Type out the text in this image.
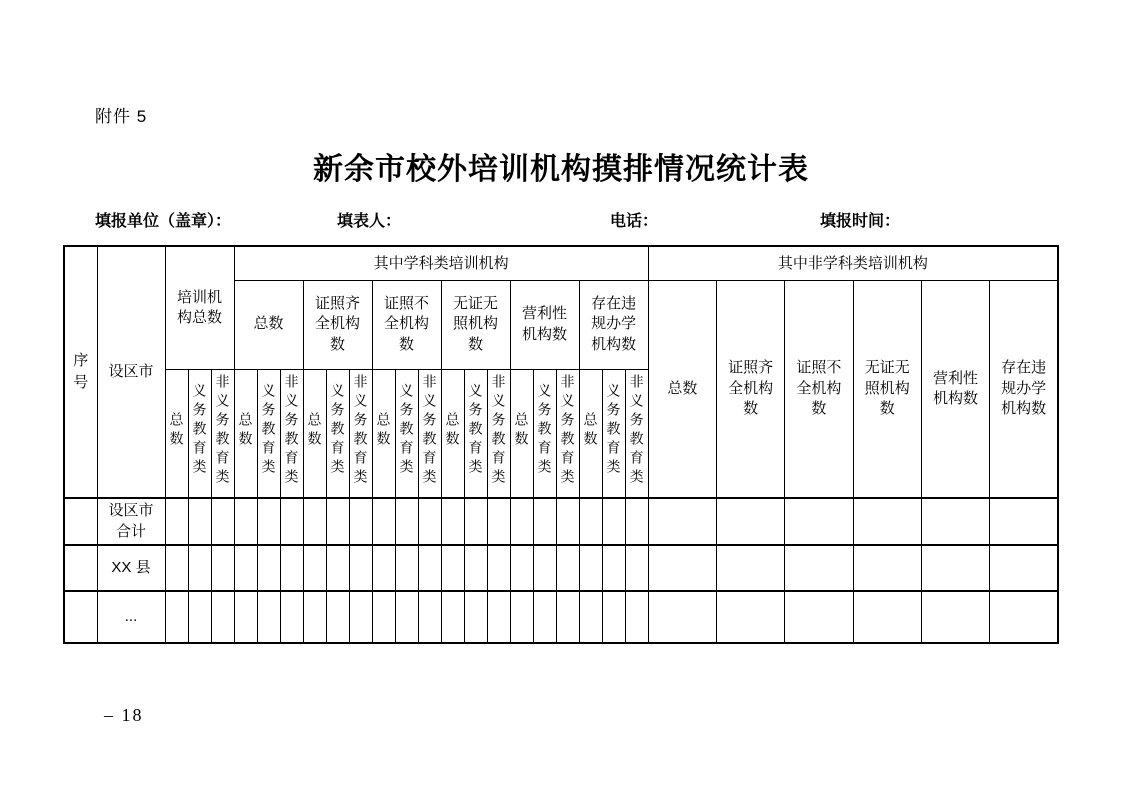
附件 5
新余市校外培训机构摸排情况统计表
填报单位（盖章）：	填表人：	电话：	填报时间：
序号	设区市	培训机构总数			其中学科类培训机构																		其中非学科类培训机构					
					总数			证照齐全机构数			证照不全机构数			无证无照机构数			营利性机构数			存在违规办学机构数			总数	证照齐全机构数	证照不全机构数	无证无照机构数	营利性机构数	存在违规办学机构数
		总数	义务教育类	非义务教育类	总数	义务教育类	非义务教育类	总数	义务教育类	非义务教育类	总数	义务教育类	非义务教育类	总数	义务教育类	非义务教育类	总数	义务教育类	非义务教育类	总数	义务教育类	非义务教育类						
	设区市合计																											
	XX 县																											
	...																											
– 18
